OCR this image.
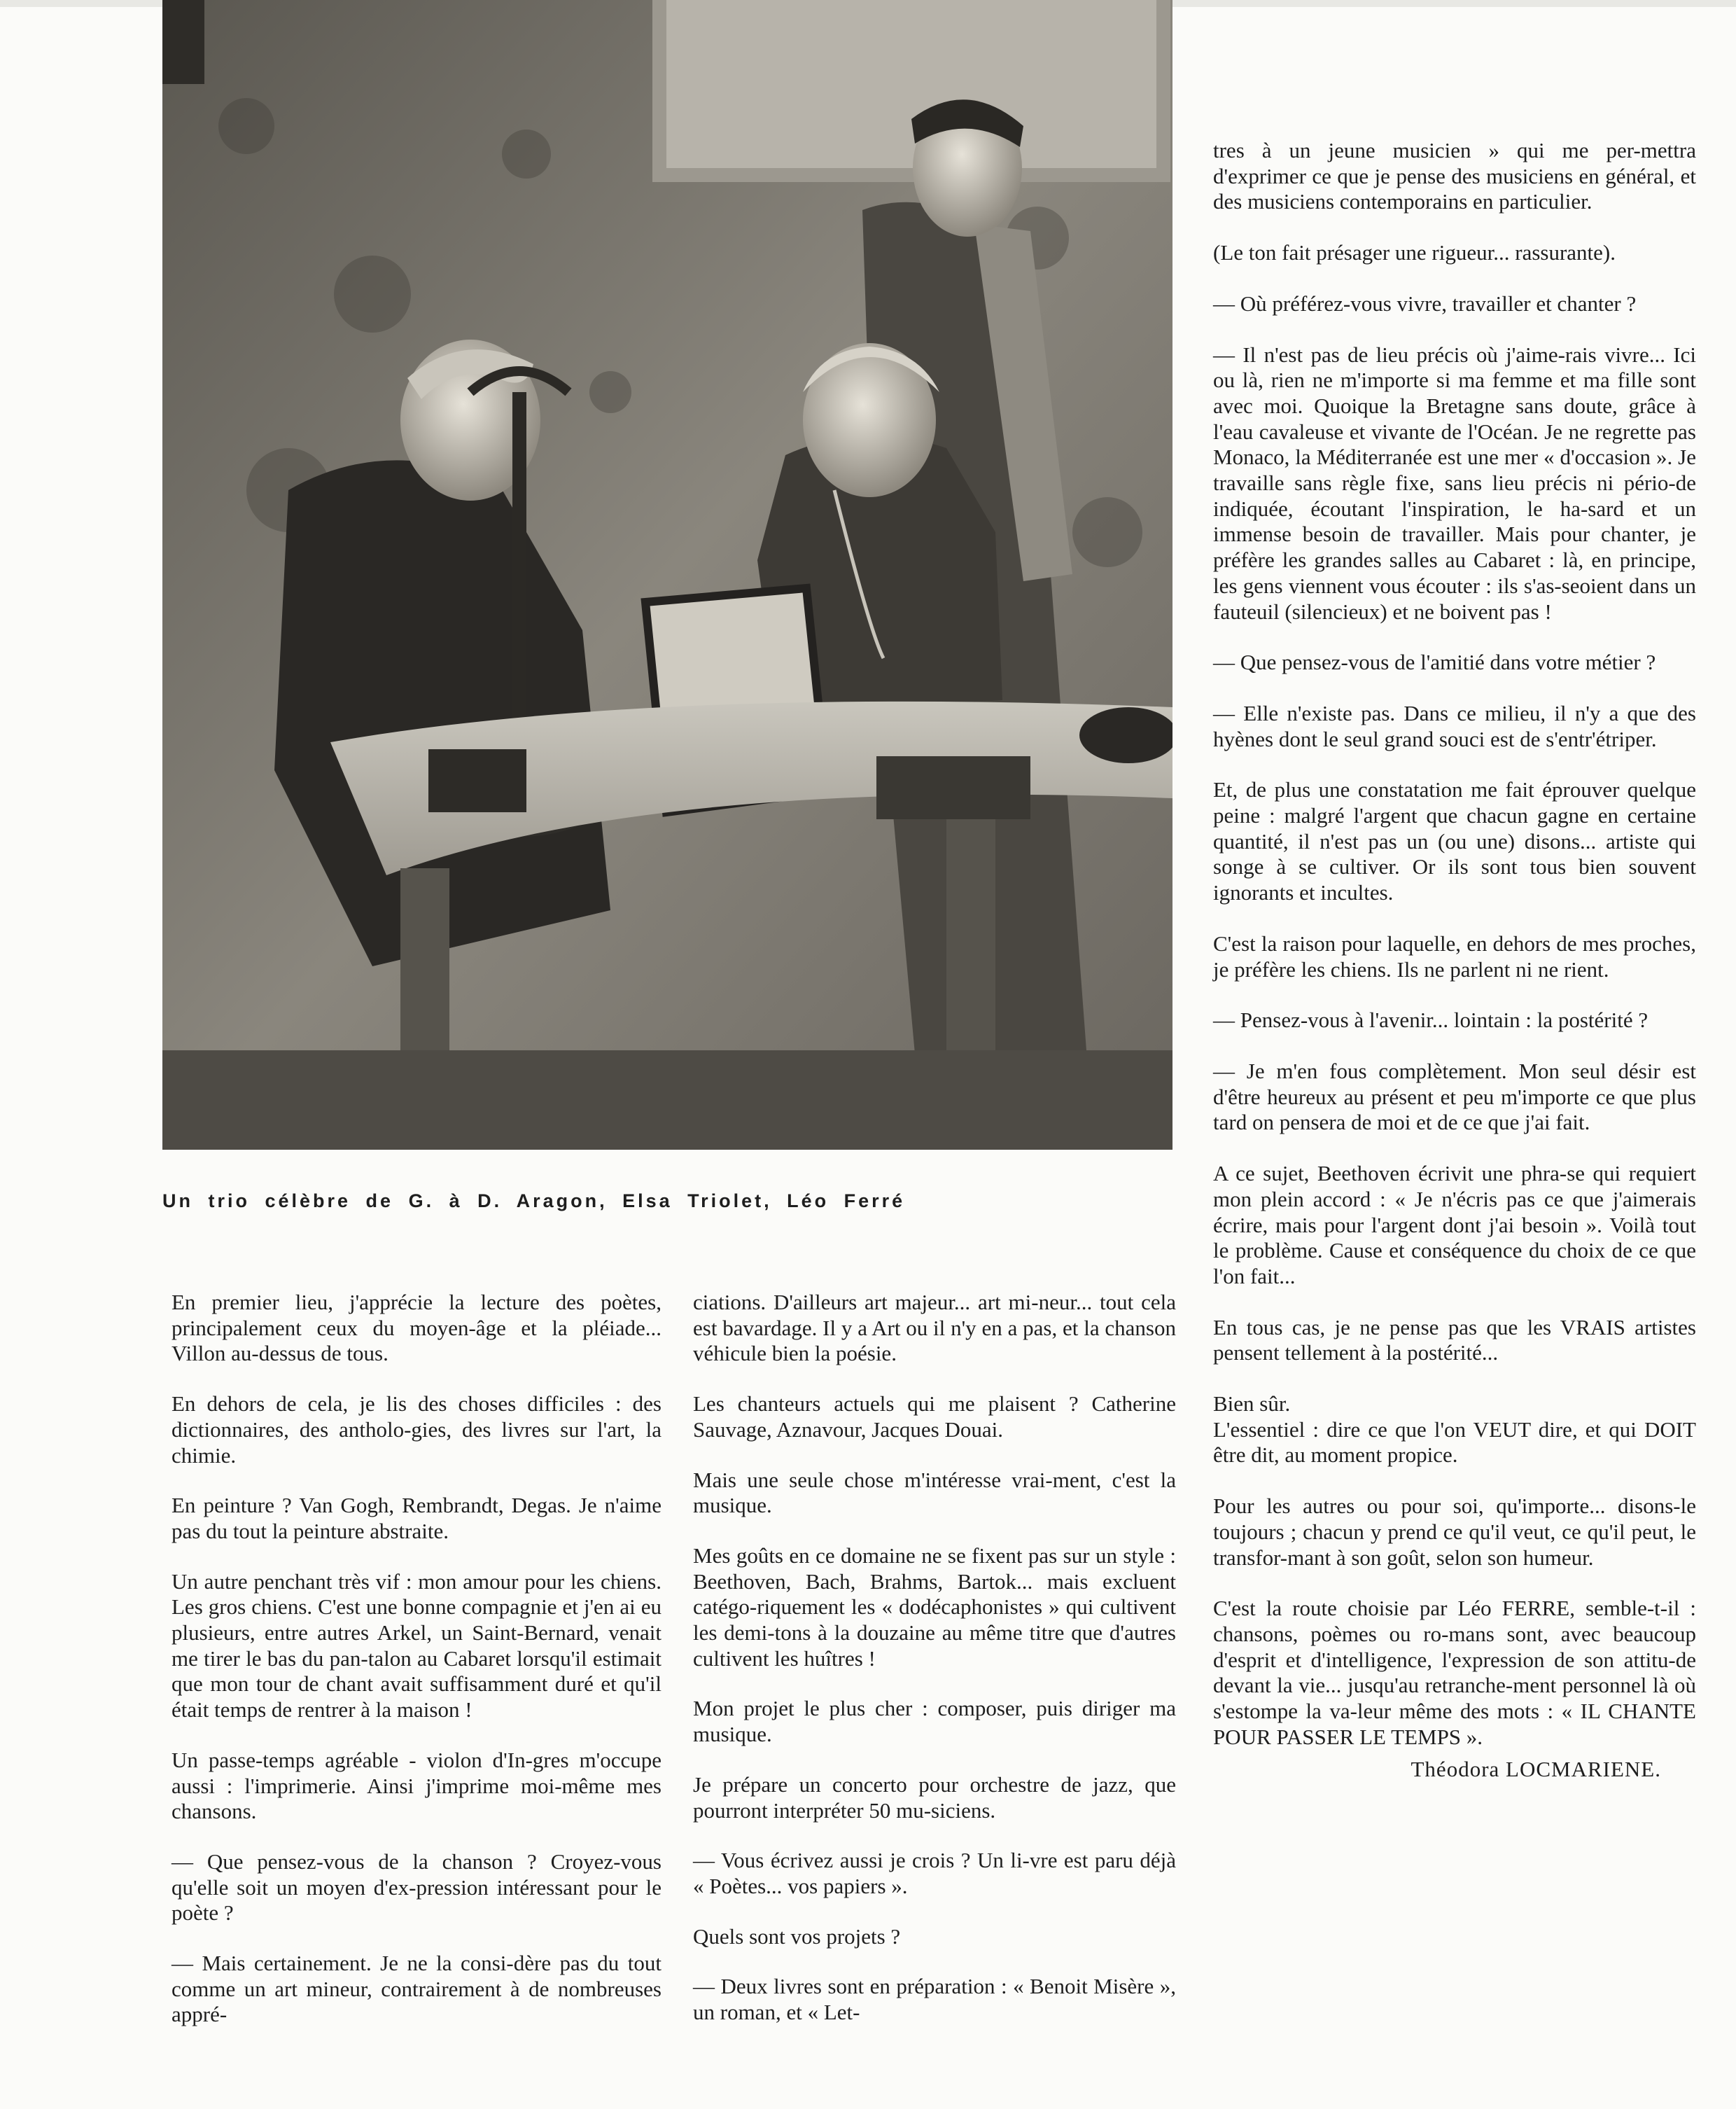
Un trio célèbre de G. à D. Aragon, Elsa Triolet, Léo Ferré

En premier lieu, j'apprécie la lecture des poètes, principalement ceux du moyen-âge et la pléiade... Villon au-dessus de tous.

En dehors de cela, je lis des choses difficiles : des dictionnaires, des antholo-gies, des livres sur l'art, la chimie.

En peinture ? Van Gogh, Rembrandt, Degas. Je n'aime pas du tout la peinture abstraite.

Un autre penchant très vif : mon amour pour les chiens. Les gros chiens. C'est une bonne compagnie et j'en ai eu plusieurs, entre autres Arkel, un Saint-Bernard, venait me tirer le bas du pan-talon au Cabaret lorsqu'il estimait que mon tour de chant avait suffisamment duré et qu'il était temps de rentrer à la maison !

Un passe-temps agréable - violon d'In-gres m'occupe aussi : l'imprimerie. Ainsi j'imprime moi-même mes chansons.

— Que pensez-vous de la chanson ? Croyez-vous qu'elle soit un moyen d'ex-pression intéressant pour le poète ?

— Mais certainement. Je ne la consi-dère pas du tout comme un art mineur, contrairement à de nombreuses appré-

ciations. D'ailleurs art majeur... art mi-neur... tout cela est bavardage. Il y a Art ou il n'y en a pas, et la chanson véhicule bien la poésie.

Les chanteurs actuels qui me plaisent ? Catherine Sauvage, Aznavour, Jacques Douai.

Mais une seule chose m'intéresse vrai-ment, c'est la musique.

Mes goûts en ce domaine ne se fixent pas sur un style : Beethoven, Bach, Brahms, Bartok... mais excluent catégo-riquement les « dodécaphonistes » qui cultivent les demi-tons à la douzaine au même titre que d'autres cultivent les huîtres !

Mon projet le plus cher : composer, puis diriger ma musique.

Je prépare un concerto pour orchestre de jazz, que pourront interpréter 50 mu-siciens.

— Vous écrivez aussi je crois ? Un li-vre est paru déjà « Poètes... vos papiers ».

Quels sont vos projets ?

— Deux livres sont en préparation : « Benoit Misère », un roman, et « Let-

tres à un jeune musicien » qui me per-mettra d'exprimer ce que je pense des musiciens en général, et des musiciens contemporains en particulier.

(Le ton fait présager une rigueur... rassurante).

— Où préférez-vous vivre, travailler et chanter ?

— Il n'est pas de lieu précis où j'aime-rais vivre... Ici ou là, rien ne m'importe si ma femme et ma fille sont avec moi. Quoique la Bretagne sans doute, grâce à l'eau cavaleuse et vivante de l'Océan. Je ne regrette pas Monaco, la Méditerranée est une mer « d'occasion ». Je travaille sans règle fixe, sans lieu précis ni pério-de indiquée, écoutant l'inspiration, le ha-sard et un immense besoin de travailler. Mais pour chanter, je préfère les grandes salles au Cabaret : là, en principe, les gens viennent vous écouter : ils s'as-seoient dans un fauteuil (silencieux) et ne boivent pas !

— Que pensez-vous de l'amitié dans votre métier ?

— Elle n'existe pas. Dans ce milieu, il n'y a que des hyènes dont le seul grand souci est de s'entr'étriper.

Et, de plus une constatation me fait éprouver quelque peine : malgré l'argent que chacun gagne en certaine quantité, il n'est pas un (ou une) disons... artiste qui songe à se cultiver. Or ils sont tous bien souvent ignorants et incultes.

C'est la raison pour laquelle, en dehors de mes proches, je préfère les chiens. Ils ne parlent ni ne rient.

— Pensez-vous à l'avenir... lointain : la postérité ?

— Je m'en fous complètement. Mon seul désir est d'être heureux au présent et peu m'importe ce que plus tard on pensera de moi et de ce que j'ai fait.

A ce sujet, Beethoven écrivit une phra-se qui requiert mon plein accord : « Je n'écris pas ce que j'aimerais écrire, mais pour l'argent dont j'ai besoin ». Voilà tout le problème. Cause et conséquence du choix de ce que l'on fait...

En tous cas, je ne pense pas que les VRAIS artistes pensent tellement à la postérité...

Bien sûr.

L'essentiel : dire ce que l'on VEUT dire, et qui DOIT être dit, au moment propice.

Pour les autres ou pour soi, qu'importe... disons-le toujours ; chacun y prend ce qu'il veut, ce qu'il peut, le transfor-mant à son goût, selon son humeur.

C'est la route choisie par Léo FERRE, semble-t-il : chansons, poèmes ou ro-mans sont, avec beaucoup d'esprit et d'intelligence, l'expression de son attitu-de devant la vie... jusqu'au retranche-ment personnel là où s'estompe la va-leur même des mots : « IL CHANTE POUR PASSER LE TEMPS ».

Théodora LOCMARIENE.
